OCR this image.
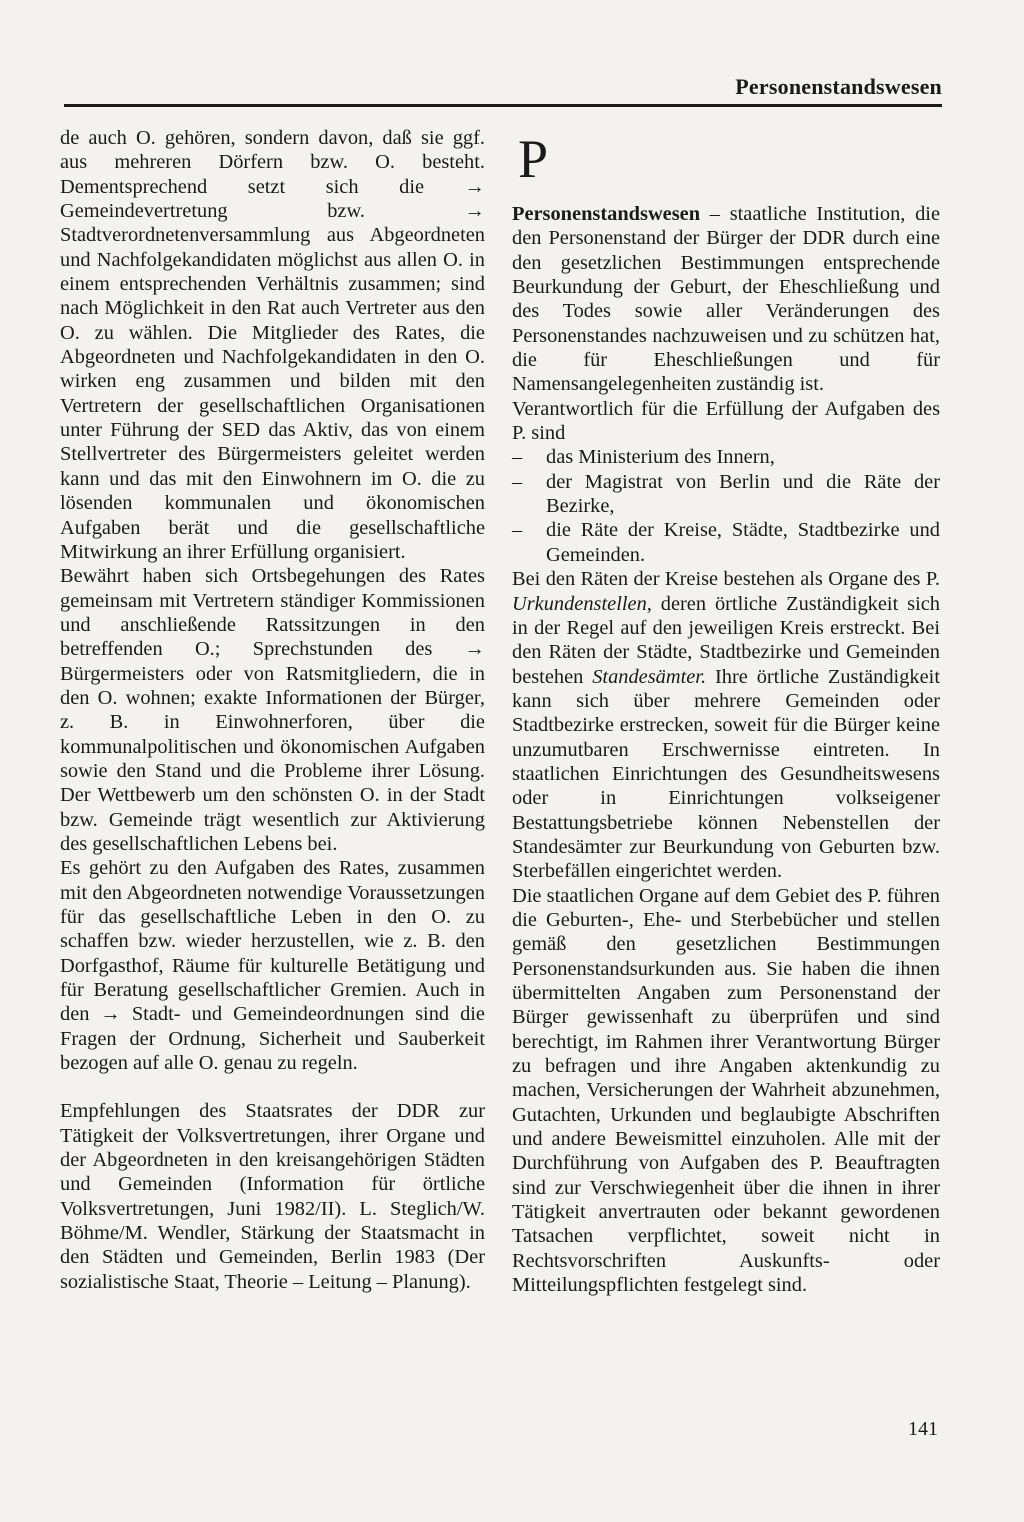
Personenstandswesen

de auch O. gehören, sondern davon, daß sie ggf. aus mehreren Dörfern bzw. O. besteht. Dementsprechend setzt sich die → Gemeindevertretung bzw. → Stadtverordnetenversammlung aus Abgeordneten und Nachfolgekandidaten möglichst aus allen O. in einem entsprechenden Verhältnis zusammen; sind nach Möglichkeit in den Rat auch Vertreter aus den O. zu wählen. Die Mitglieder des Rates, die Abgeordneten und Nachfolgekandidaten in den O. wirken eng zusammen und bilden mit den Vertretern der gesellschaftlichen Organisationen unter Führung der SED das Aktiv, das von einem Stellvertreter des Bürgermeisters geleitet werden kann und das mit den Einwohnern im O. die zu lösenden kommunalen und ökonomischen Aufgaben berät und die gesellschaftliche Mitwirkung an ihrer Erfüllung organisiert.

Bewährt haben sich Ortsbegehungen des Rates gemeinsam mit Vertretern ständiger Kommissionen und anschließende Ratssitzungen in den betreffenden O.; Sprechstunden des → Bürgermeisters oder von Ratsmitgliedern, die in den O. wohnen; exakte Informationen der Bürger, z. B. in Einwohnerforen, über die kommunalpolitischen und ökonomischen Aufgaben sowie den Stand und die Probleme ihrer Lösung. Der Wettbewerb um den schönsten O. in der Stadt bzw. Gemeinde trägt wesentlich zur Aktivierung des gesellschaftlichen Lebens bei.

Es gehört zu den Aufgaben des Rates, zusammen mit den Abgeordneten notwendige Voraussetzungen für das gesellschaftliche Leben in den O. zu schaffen bzw. wieder herzustellen, wie z. B. den Dorfgasthof, Räume für kulturelle Betätigung und für Beratung gesellschaftlicher Gremien. Auch in den → Stadt- und Gemeindeordnungen sind die Fragen der Ordnung, Sicherheit und Sauberkeit bezogen auf alle O. genau zu regeln.

Empfehlungen des Staatsrates der DDR zur Tätigkeit der Volksvertretungen, ihrer Organe und der Abgeordneten in den kreisangehörigen Städten und Gemeinden (Information für örtliche Volksvertretungen, Juni 1982/II). L. Steglich/W. Böhme/M. Wendler, Stärkung der Staatsmacht in den Städten und Gemeinden, Berlin 1983 (Der sozialistische Staat, Theorie – Leitung – Planung).

P

Personenstandswesen – staatliche Institution, die den Personenstand der Bürger der DDR durch eine den gesetzlichen Bestimmungen entsprechende Beurkundung der Geburt, der Eheschließung und des Todes sowie aller Veränderungen des Personenstandes nachzuweisen und zu schützen hat, die für Eheschließungen und für Namensangelegenheiten zuständig ist.

Verantwortlich für die Erfüllung der Aufgaben des P. sind

– das Ministerium des Innern,
– der Magistrat von Berlin und die Räte der Bezirke,
– die Räte der Kreise, Städte, Stadtbezirke und Gemeinden.

Bei den Räten der Kreise bestehen als Organe des P. Urkundenstellen, deren örtliche Zuständigkeit sich in der Regel auf den jeweiligen Kreis erstreckt. Bei den Räten der Städte, Stadtbezirke und Gemeinden bestehen Standesämter. Ihre örtliche Zuständigkeit kann sich über mehrere Gemeinden oder Stadtbezirke erstrecken, soweit für die Bürger keine unzumutbaren Erschwernisse eintreten. In staatlichen Einrichtungen des Gesundheitswesens oder in Einrichtungen volkseigener Bestattungsbetriebe können Nebenstellen der Standesämter zur Beurkundung von Geburten bzw. Sterbefällen eingerichtet werden.

Die staatlichen Organe auf dem Gebiet des P. führen die Geburten-, Ehe- und Sterbebücher und stellen gemäß den gesetzlichen Bestimmungen Personenstandsurkunden aus. Sie haben die ihnen übermittelten Angaben zum Personenstand der Bürger gewissenhaft zu überprüfen und sind berechtigt, im Rahmen ihrer Verantwortung Bürger zu befragen und ihre Angaben aktenkundig zu machen, Versicherungen der Wahrheit abzunehmen, Gutachten, Urkunden und beglaubigte Abschriften und andere Beweismittel einzuholen. Alle mit der Durchführung von Aufgaben des P. Beauftragten sind zur Verschwiegenheit über die ihnen in ihrer Tätigkeit anvertrauten oder bekannt gewordenen Tatsachen verpflichtet, soweit nicht in Rechtsvorschriften Auskunfts- oder Mitteilungspflichten festgelegt sind.

141
